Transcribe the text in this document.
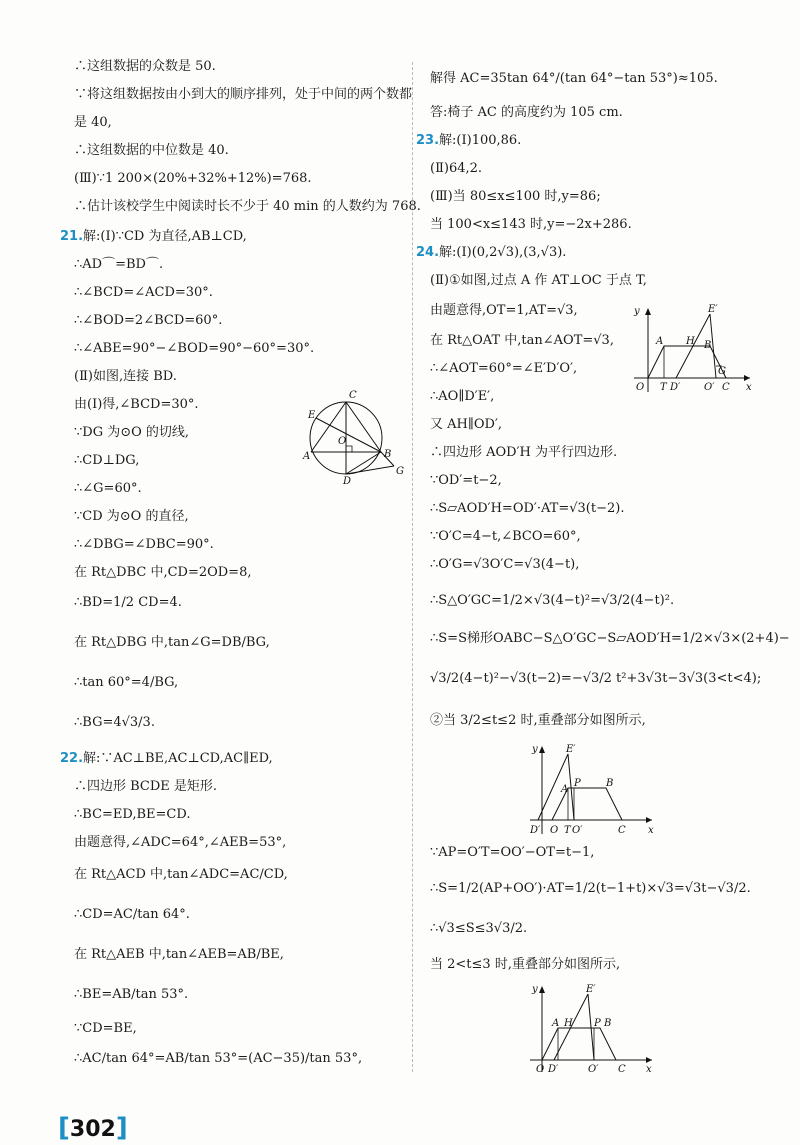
∴这组数据的众数是 50.
∵将这组数据按由小到大的顺序排列，处于中间的两个数都
是 40,
∴这组数据的中位数是 40.
(Ⅲ)∵1 200×(20%+32%+12%)=768.
∴估计该校学生中阅读时长不少于 40 min 的人数约为 768.
21.解:(Ⅰ)∵CD 为直径,AB⊥CD,
∴AD⌒=BD⌒.
∴∠BCD=∠ACD=30°.
∴∠BOD=2∠BCD=60°.
∴∠ABE=90°−∠BOD=90°−60°=30°.
(Ⅱ)如图,连接 BD.
由(Ⅰ)得,∠BCD=30°.
∵DG 为⊙O 的切线,
∴CD⊥DG,
∴∠G=60°.
∵CD 为⊙O 的直径,
∴∠DBG=∠DBC=90°.
在 Rt△DBC 中,CD=2OD=8,
∴BD=1/2 CD=4.
在 Rt△DBG 中,tan∠G=DB/BG,
∴tan 60°=4/BG,
∴BG=4√3/3.
22.解:∵AC⊥BE,AC⊥CD,AC∥ED,
∴四边形 BCDE 是矩形.
∴BC=ED,BE=CD.
由题意得,∠ADC=64°,∠AEB=53°,
在 Rt△ACD 中,tan∠ADC=AC/CD,
∴CD=AC/tan 64°.
在 Rt△AEB 中,tan∠AEB=AB/BE,
∴BE=AB/tan 53°.
∵CD=BE,
∴AC/tan 64°=AB/tan 53°=(AC−35)/tan 53°,
解得 AC=35tan 64°/(tan 64°−tan 53°)≈105.
答:椅子 AC 的高度约为 105 cm.
23.解:(Ⅰ)100,86.
(Ⅱ)64,2.
(Ⅲ)当 80≤x≤100 时,y=86;
当 100<x≤143 时,y=−2x+286.
24.解:(Ⅰ)(0,2√3),(3,√3).
(Ⅱ)①如图,过点 A 作 AT⊥OC 于点 T,
由题意得,OT=1,AT=√3,
在 Rt△OAT 中,tan∠AOT=√3,
∴∠AOT=60°=∠E′D′O′,
∴AO∥D′E′,
又 AH∥OD′,
∴四边形 AOD′H 为平行四边形.
∵OD′=t−2,
∴S▱AOD′H=OD′·AT=√3(t−2).
∵O′C=4−t,∠BCO=60°,
∴O′G=√3O′C=√3(4−t),
∴S△O′GC=1/2×√3(4−t)²=√3/2(4−t)².
∴S=S梯形OABC−S△O′GC−S▱AOD′H=1/2×√3×(2+4)−
√3/2(4−t)²−√3(t−2)=−√3/2 t²+3√3t−3√3(3<t<4);
②当 3/2≤t≤2 时,重叠部分如图所示,
∵AP=O′T=OO′−OT=t−1,
∴S=1/2(AP+OO′)·AT=1/2(t−1+t)×√3=√3t−√3/2.
∴√3≤S≤3√3/2.
当 2<t≤3 时,重叠部分如图所示,
C
E
O
A	B
D
G
y	E′
A H B
G
O T D′ O′ C x
y	E′
A
P	B
D′ O T O′	C x
y	E′
A H P B
O D′	O′ C x
[ 302 ]
